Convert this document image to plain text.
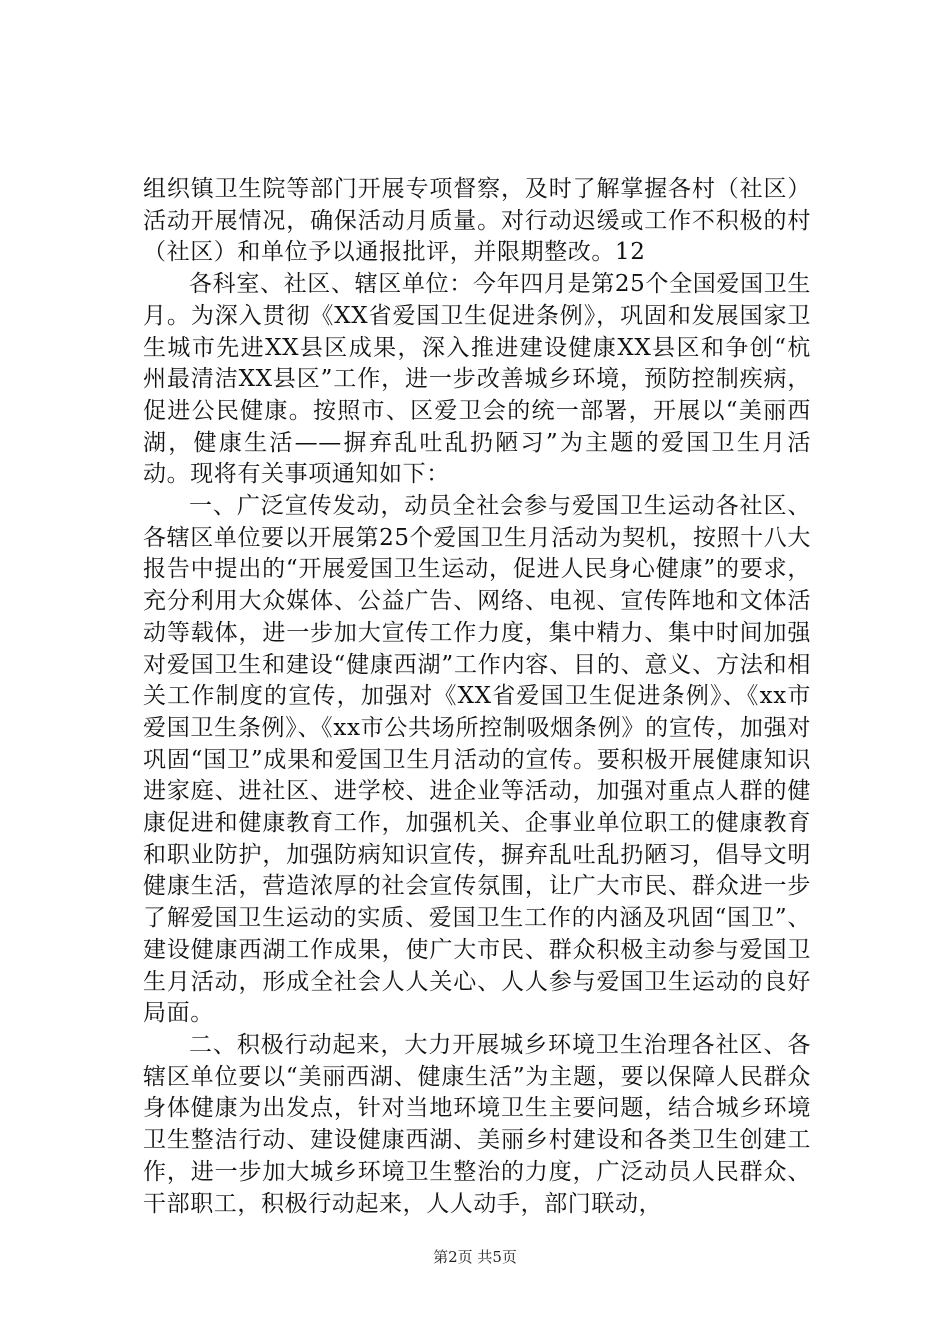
组织镇卫生院等部门开展专项督察，及时了解掌握各村（社区）活动开展情况，确保活动月质量。对行动迟缓或工作不积极的村（社区）和单位予以通报批评，并限期整改。12

各科室、社区、辖区单位：今年四月是第25个全国爱国卫生月。为深入贯彻《XX省爱国卫生促进条例》，巩固和发展国家卫生城市先进XX县区成果，深入推进建设健康XX县区和争创“杭州最清洁XX县区”工作，进一步改善城乡环境，预防控制疾病，促进公民健康。按照市、区爱卫会的统一部署，开展以“美丽西湖，健康生活——摒弃乱吐乱扔陋习”为主题的爱国卫生月活动。现将有关事项通知如下：

一、广泛宣传发动，动员全社会参与爱国卫生运动各社区、各辖区单位要以开展第25个爱国卫生月活动为契机，按照十八大报告中提出的“开展爱国卫生运动，促进人民身心健康”的要求，充分利用大众媒体、公益广告、网络、电视、宣传阵地和文体活动等载体，进一步加大宣传工作力度，集中精力、集中时间加强对爱国卫生和建设“健康西湖”工作内容、目的、意义、方法和相关工作制度的宣传，加强对《XX省爱国卫生促进条例》、《xx市爱国卫生条例》、《xx市公共场所控制吸烟条例》的宣传，加强对巩固“国卫”成果和爱国卫生月活动的宣传。要积极开展健康知识进家庭、进社区、进学校、进企业等活动，加强对重点人群的健康促进和健康教育工作，加强机关、企事业单位职工的健康教育和职业防护，加强防病知识宣传，摒弃乱吐乱扔陋习，倡导文明健康生活，营造浓厚的社会宣传氛围，让广大市民、群众进一步了解爱国卫生运动的实质、爱国卫生工作的内涵及巩固“国卫”、建设健康西湖工作成果，使广大市民、群众积极主动参与爱国卫生月活动，形成全社会人人关心、人人参与爱国卫生运动的良好局面。

二、积极行动起来，大力开展城乡环境卫生治理各社区、各辖区单位要以“美丽西湖、健康生活”为主题，要以保障人民群众身体健康为出发点，针对当地环境卫生主要问题，结合城乡环境卫生整洁行动、建设健康西湖、美丽乡村建设和各类卫生创建工作，进一步加大城乡环境卫生整治的力度，广泛动员人民群众、干部职工，积极行动起来，人人动手，部门联动，

第2页 共5页
